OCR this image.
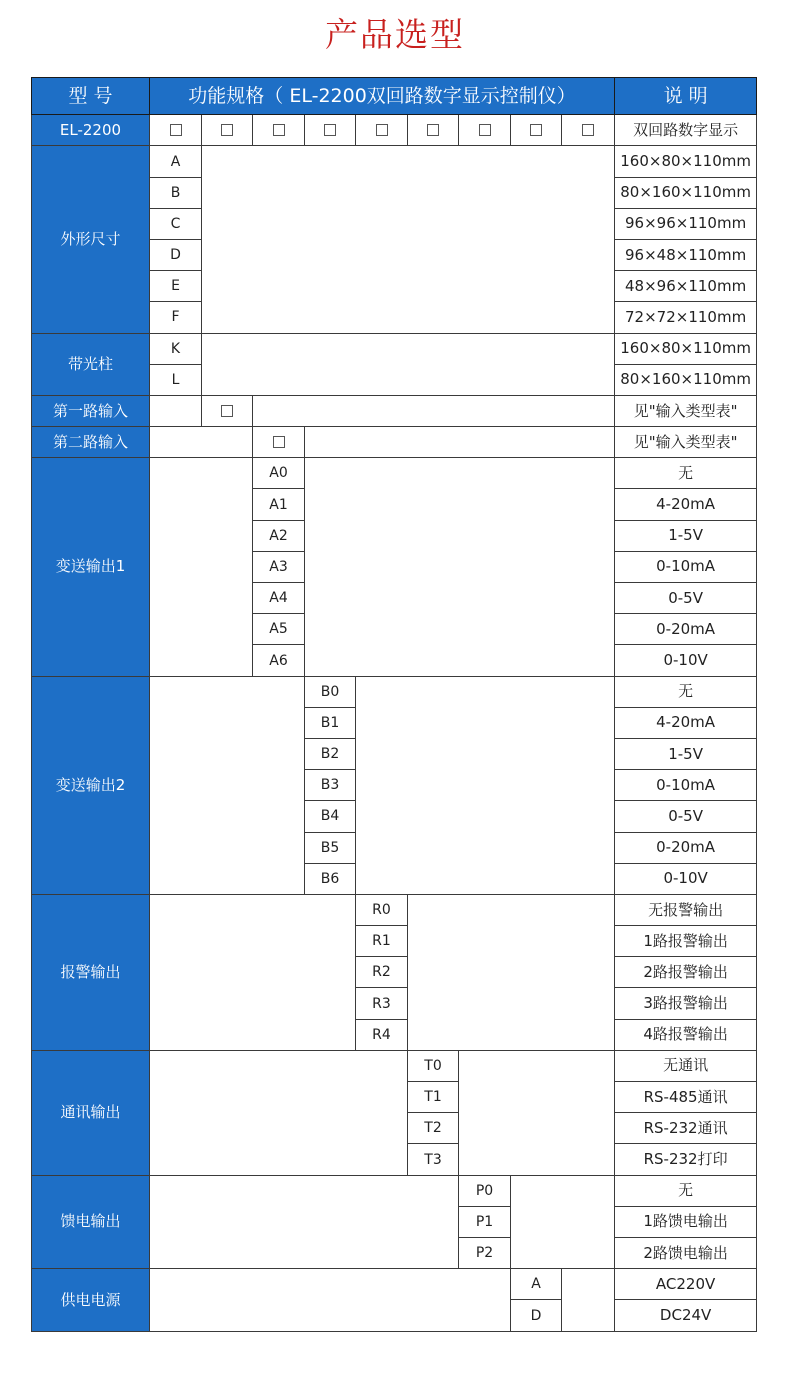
产品选型
型 号	功能规格（ EL-2200双回路数字显示控制仪）									说 明
EL-2200										双回路数字显示
外形尺寸	A									160×80×110mm
	B									80×160×110mm
	C									96×96×110mm
	D									96×48×110mm
	E									48×96×110mm
	F									72×72×110mm
带光柱	K									160×80×110mm
	L									80×160×110mm
第一路输入										见"输入类型表"
第二路输入										见"输入类型表"
变送输出1			A0							无
			A1							4-20mA
			A2							1-5V
			A3							0-10mA
			A4							0-5V
			A5							0-20mA
			A6							0-10V
变送输出2				B0						无
				B1						4-20mA
				B2						1-5V
				B3						0-10mA
				B4						0-5V
				B5						0-20mA
				B6						0-10V
报警输出					R0					无报警输出
					R1					1路报警输出
					R2					2路报警输出
					R3					3路报警输出
					R4					4路报警输出
通讯输出						T0				无通讯
						T1				RS-485通讯
						T2				RS-232通讯
						T3				RS-232打印
馈电输出							P0			无
							P1			1路馈电输出
							P2			2路馈电输出
供电电源								A		AC220V
								D		DC24V
